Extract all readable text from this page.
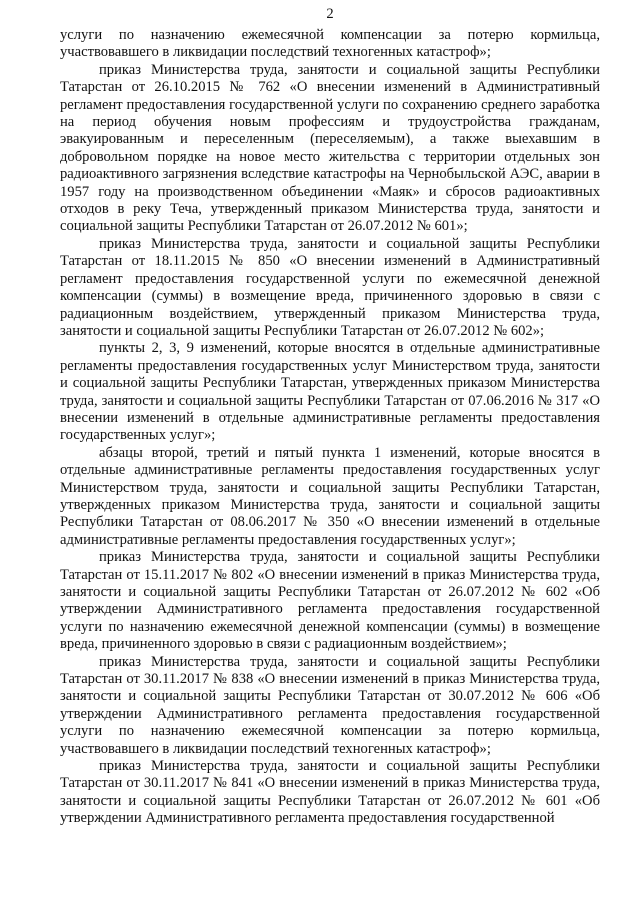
2

услуги по назначению ежемесячной компенсации за потерю кормильца, участвовавшего в ликвидации последствий техногенных катастроф»;

приказ Министерства труда, занятости и социальной защиты Республики Татарстан от 26.10.2015 № 762 «О внесении изменений в Административный регламент предоставления государственной услуги по сохранению среднего заработка на период обучения новым профессиям и трудоустройства гражданам, эвакуированным и переселенным (переселяемым), а также выехавшим в добровольном порядке на новое место жительства с территории отдельных зон радиоактивного загрязнения вследствие катастрофы на Чернобыльской АЭС, аварии в 1957 году на производственном объединении «Маяк» и сбросов радиоактивных отходов в реку Теча, утвержденный приказом Министерства труда, занятости и социальной защиты Республики Татарстан от 26.07.2012 № 601»;

приказ Министерства труда, занятости и социальной защиты Республики Татарстан от 18.11.2015 № 850 «О внесении изменений в Административный регламент предоставления государственной услуги по ежемесячной денежной компенсации (суммы) в возмещение вреда, причиненного здоровью в связи с радиационным воздействием, утвержденный приказом Министерства труда, занятости и социальной защиты Республики Татарстан от 26.07.2012 № 602»;

пункты 2, 3, 9 изменений, которые вносятся в отдельные административные регламенты предоставления государственных услуг Министерством труда, занятости и социальной защиты Республики Татарстан, утвержденных приказом Министерства труда, занятости и социальной защиты Республики Татарстан от 07.06.2016 № 317 «О внесении изменений в отдельные административные регламенты предоставления государственных услуг»;

абзацы второй, третий и пятый пункта 1 изменений, которые вносятся в отдельные административные регламенты предоставления государственных услуг Министерством труда, занятости и социальной защиты Республики Татарстан, утвержденных приказом Министерства труда, занятости и социальной защиты Республики Татарстан от 08.06.2017 № 350 «О внесении изменений в отдельные административные регламенты предоставления государственных услуг»;

приказ Министерства труда, занятости и социальной защиты Республики Татарстан от 15.11.2017 № 802 «О внесении изменений в приказ Министерства труда, занятости и социальной защиты Республики Татарстан от 26.07.2012 № 602 «Об утверждении Административного регламента предоставления государственной услуги по назначению ежемесячной денежной компенсации (суммы) в возмещение вреда, причиненного здоровью в связи с радиационным воздействием»;

приказ Министерства труда, занятости и социальной защиты Республики Татарстан от 30.11.2017 № 838 «О внесении изменений в приказ Министерства труда, занятости и социальной защиты Республики Татарстан от 30.07.2012 № 606 «Об утверждении Административного регламента предоставления государственной услуги по назначению ежемесячной компенсации за потерю кормильца, участвовавшего в ликвидации последствий техногенных катастроф»;

приказ Министерства труда, занятости и социальной защиты Республики Татарстан от 30.11.2017 № 841 «О внесении изменений в приказ Министерства труда, занятости и социальной защиты Республики Татарстан от 26.07.2012 № 601 «Об утверждении Административного регламента предоставления государственной
